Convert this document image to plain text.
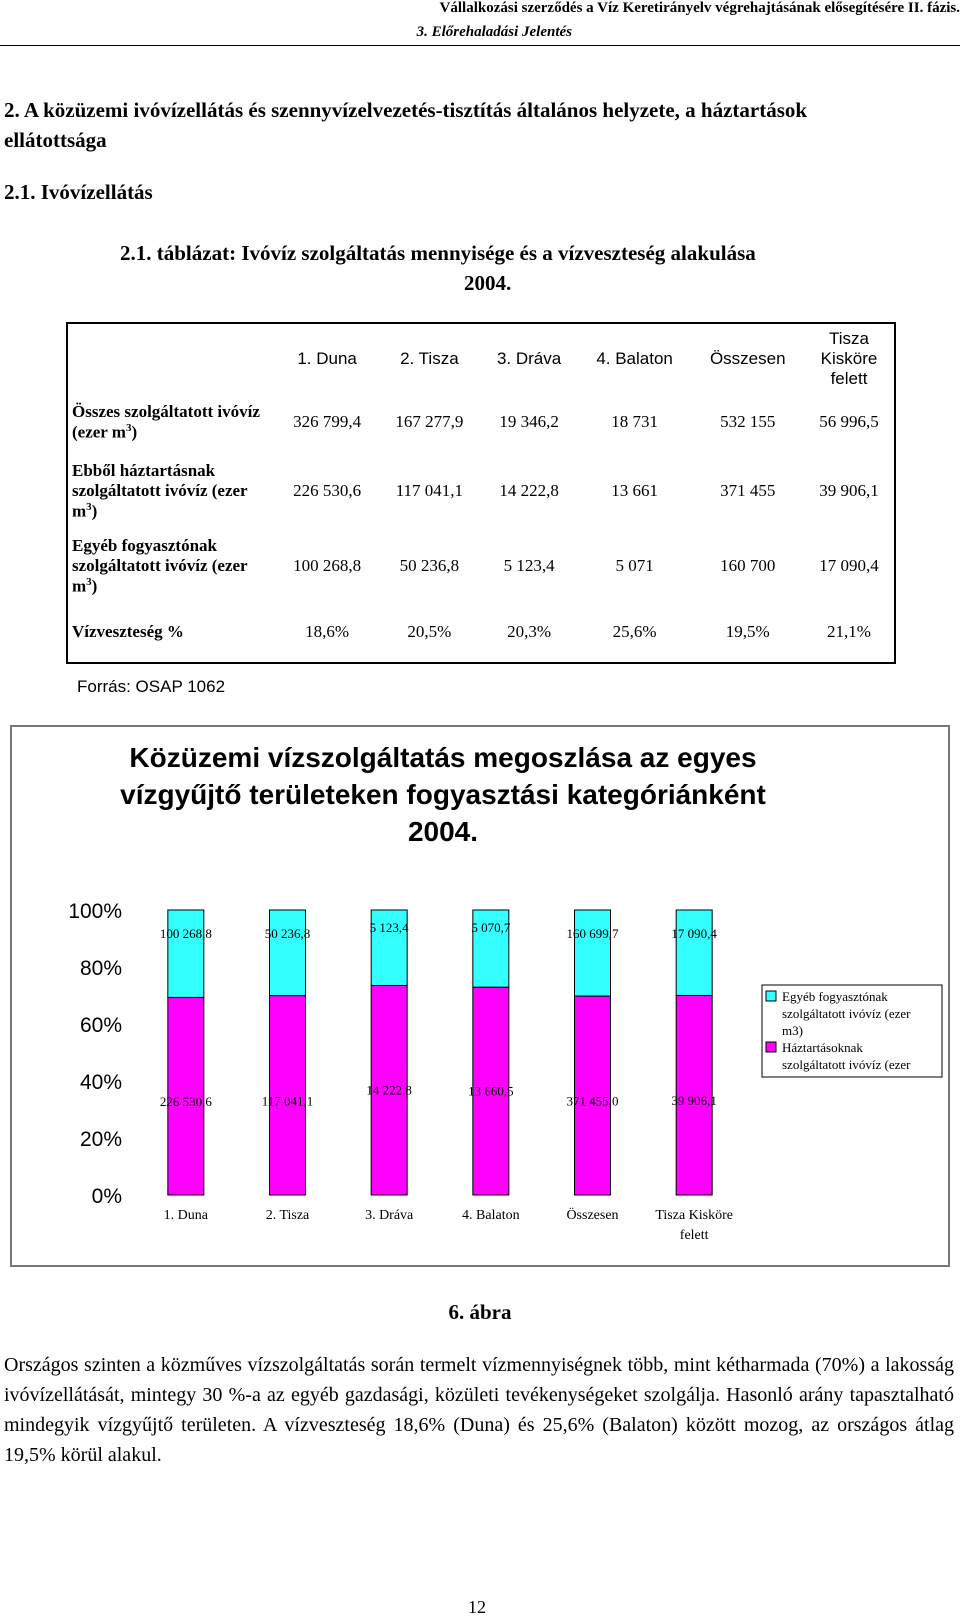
Vállalkozási szerződés a Víz Keretirányelv végrehajtásának elősegítésére II. fázis.
3. Előrehaladási Jelentés
2. A közüzemi ivóvízellátás és szennyvízelvezetés-tisztítás általános helyzete, a háztartások ellátottsága
2.1. Ivóvízellátás
2.1. táblázat: Ivóvíz szolgáltatás mennyisége és a vízveszteség alakulása
2004.
	1. Duna	2. Tisza	3. Dráva	4. Balaton	Összesen	Tisza Kisköre felett
Összes szolgáltatott ivóvíz (ezer $m^3$)	326 799,4	167 277,9	19 346,2	18 731	532 155	56 996,5
Ebből háztartásnak szolgáltatott ivóvíz (ezer $m^3$)	226 530,6	117 041,1	14 222,8	13 661	371 455	39 906,1
Egyéb fogyasztónak szolgáltatott ivóvíz (ezer $m^3$)	100 268,8	50 236,8	5 123,4	5 071	160 700	17 090,4
Vízveszteség %	18,6%	20,5%	20,3%	25,6%	19,5%	21,1%
Forrás: OSAP 1062
Közüzemi vízszolgáltatás megoszlása az egyes
vízgyűjtő területeken fogyasztási kategóriánként
2004.
0%
20%
40%
60%
80%
100%
226 530,6
100 268,8
1. Duna
117 041,1
50 236,8
2. Tisza
14 222,8
5 123,4
3. Dráva
13 660,5
5 070,7
4. Balaton
371 455,0
160 699,7
Összesen
39 906,1
17 090,4
Tisza Kisköre
felett
Egyéb fogyasztónak
szolgáltatott ivóvíz (ezer
m3)
Háztartásoknak
szolgáltatott ivóvíz (ezer
6. ábra
Országos szinten a közműves vízszolgáltatás során termelt vízmennyiségnek több, mint kétharmada (70%) a lakosság ivóvízellátását, mintegy 30 %-a az egyéb gazdasági, közületi tevékenységeket szolgálja. Hasonló arány tapasztalható mindegyik vízgyűjtő területen. A vízveszteség 18,6% (Duna) és 25,6% (Balaton) között mozog, az országos átlag 19,5% körül alakul.
12
